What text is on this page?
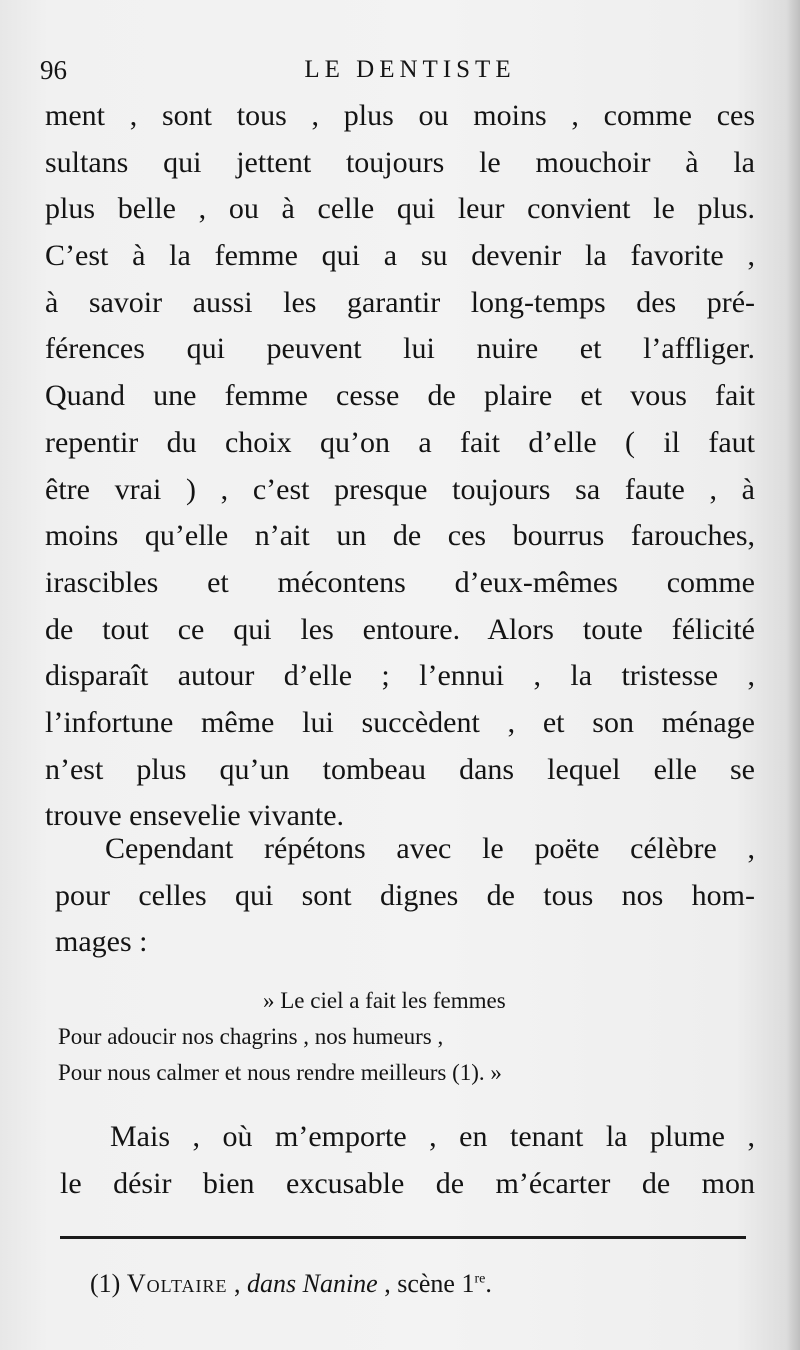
96	LE DENTISTE
ment , sont tous , plus ou moins , comme ces
sultans qui jettent toujours le mouchoir à la
plus belle , ou à celle qui leur convient le plus.
C’est à la femme qui a su devenir la favorite ,
à savoir aussi les garantir long-temps des pré-
férences qui peuvent lui nuire et l’affliger.
Quand une femme cesse de plaire et vous fait
repentir du choix qu’on a fait d’elle ( il faut
être vrai ) , c’est presque toujours sa faute , à
moins qu’elle n’ait un de ces bourrus farouches,
irascibles et mécontens d’eux-mêmes comme
de tout ce qui les entoure. Alors toute félicité
disparaît autour d’elle ; l’ennui , la tristesse ,
l’infortune même lui succèdent , et son ménage
n’est plus qu’un tombeau dans lequel elle se
trouve ensevelie vivante.
Cependant répétons avec le poëte célèbre ,
pour celles qui sont dignes de tous nos hom-
mages :
» Le ciel a fait les femmes
Pour adoucir nos chagrins , nos humeurs ,
Pour nous calmer et nous rendre meilleurs (1). »
Mais , où m’emporte , en tenant la plume ,
le désir bien excusable de m’écarter de mon
(1) Voltaire , dans Nanine , scène 1re.
